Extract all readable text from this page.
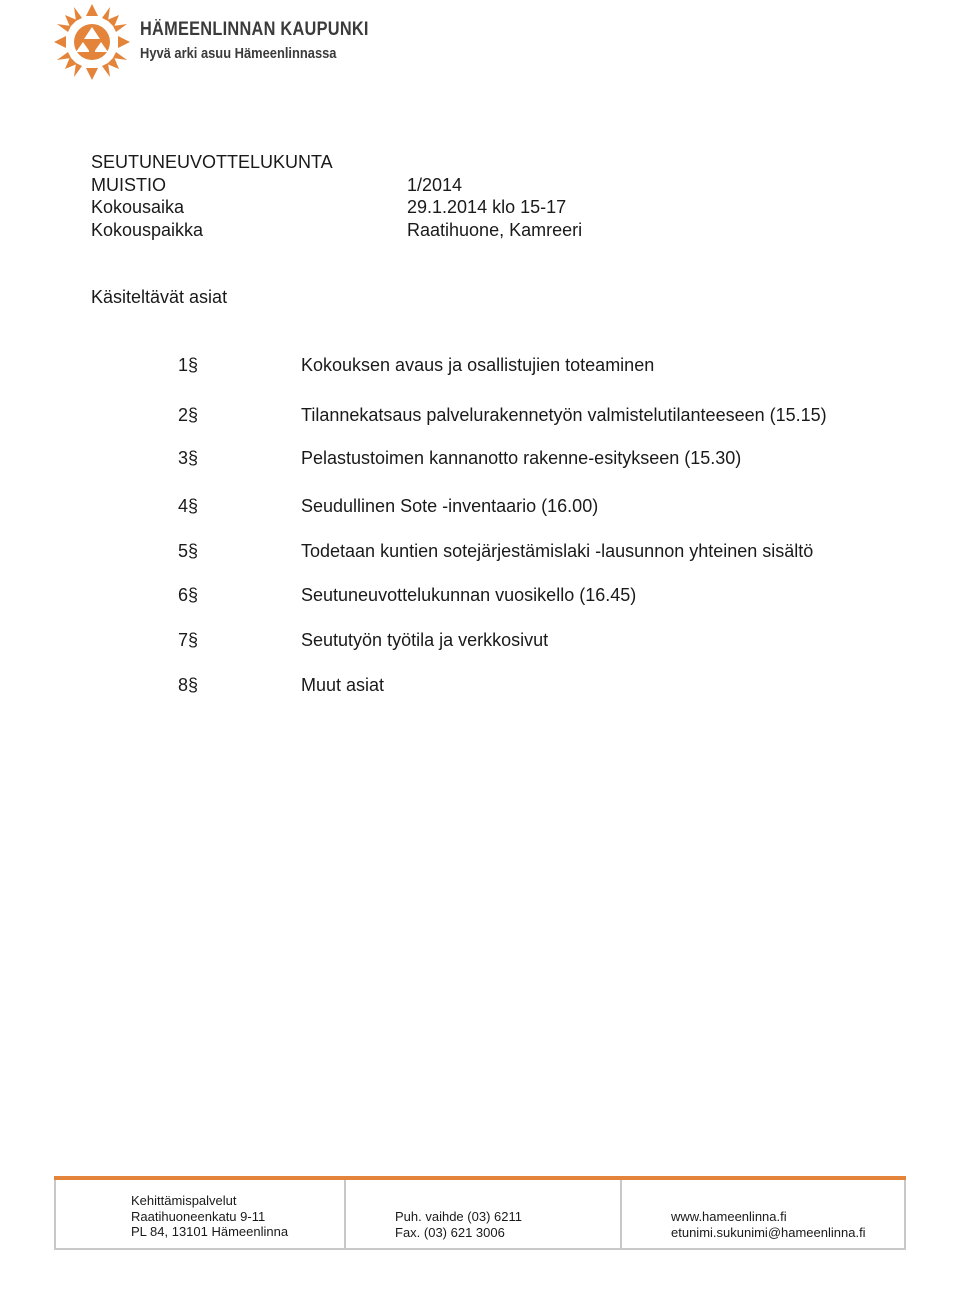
HÄMEENLINNAN KAUPUNKI
Hyvä arki asuu Hämeenlinnassa
SEUTUNEUVOTTELUKUNTA
MUISTIO	1/2014
Kokousaika	29.1.2014 klo 15-17
Kokouspaikka	Raatihuone, Kamreeri
Käsiteltävät asiat
1§	Kokouksen avaus ja osallistujien toteaminen
2§	Tilannekatsaus palvelurakennetyön valmistelutilanteeseen (15.15)
3§	Pelastustoimen kannanotto rakenne-esitykseen (15.30)
4§	Seudullinen Sote -inventaario (16.00)
5§	Todetaan kuntien sotejärjestämislaki -lausunnon yhteinen sisältö
6§	Seutuneuvottelukunnan vuosikello (16.45)
7§	Seututyön työtila ja verkkosivut
8§	Muut asiat
Kehittämispalvelut
Raatihuoneenkatu 9-11
PL 84, 13101 Hämeenlinna
Puh. vaihde (03) 6211
Fax. (03) 621 3006
www.hameenlinna.fi
etunimi.sukunimi@hameenlinna.fi
